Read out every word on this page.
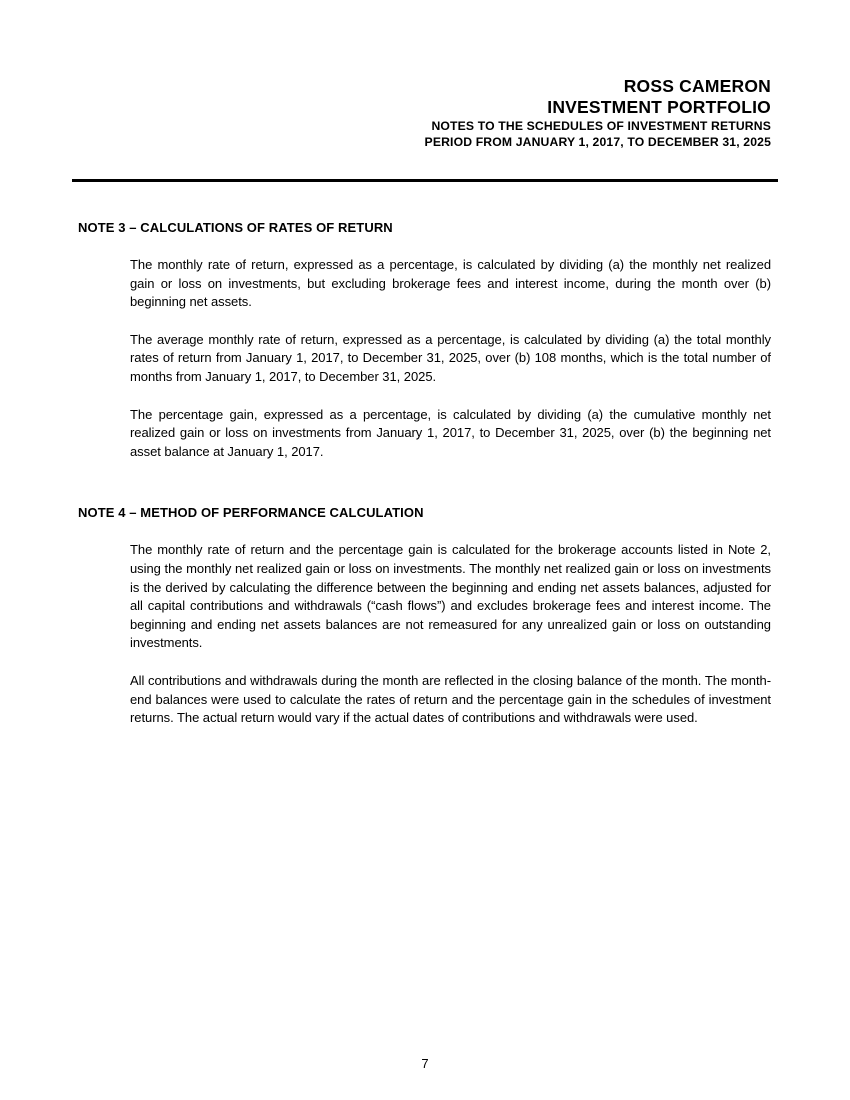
ROSS CAMERON
INVESTMENT PORTFOLIO
NOTES TO THE SCHEDULES OF INVESTMENT RETURNS
PERIOD FROM JANUARY 1, 2017, TO DECEMBER 31, 2025
NOTE 3 – CALCULATIONS OF RATES OF RETURN

The monthly rate of return, expressed as a percentage, is calculated by dividing (a) the monthly net realized gain or loss on investments, but excluding brokerage fees and interest income, during the month over (b) beginning net assets.

The average monthly rate of return, expressed as a percentage, is calculated by dividing (a) the total monthly rates of return from January 1, 2017, to December 31, 2025, over (b) 108 months, which is the total number of months from January 1, 2017, to December 31, 2025.

The percentage gain, expressed as a percentage, is calculated by dividing (a) the cumulative monthly net realized gain or loss on investments from January 1, 2017, to December 31, 2025, over (b) the beginning net asset balance at January 1, 2017.

NOTE 4 – METHOD OF PERFORMANCE CALCULATION

The monthly rate of return and the percentage gain is calculated for the brokerage accounts listed in Note 2, using the monthly net realized gain or loss on investments. The monthly net realized gain or loss on investments is the derived by calculating the difference between the beginning and ending net assets balances, adjusted for all capital contributions and withdrawals (“cash flows”) and excludes brokerage fees and interest income. The beginning and ending net assets balances are not remeasured for any unrealized gain or loss on outstanding investments.

All contributions and withdrawals during the month are reflected in the closing balance of the month. The month-end balances were used to calculate the rates of return and the percentage gain in the schedules of investment returns. The actual return would vary if the actual dates of contributions and withdrawals were used.

7
